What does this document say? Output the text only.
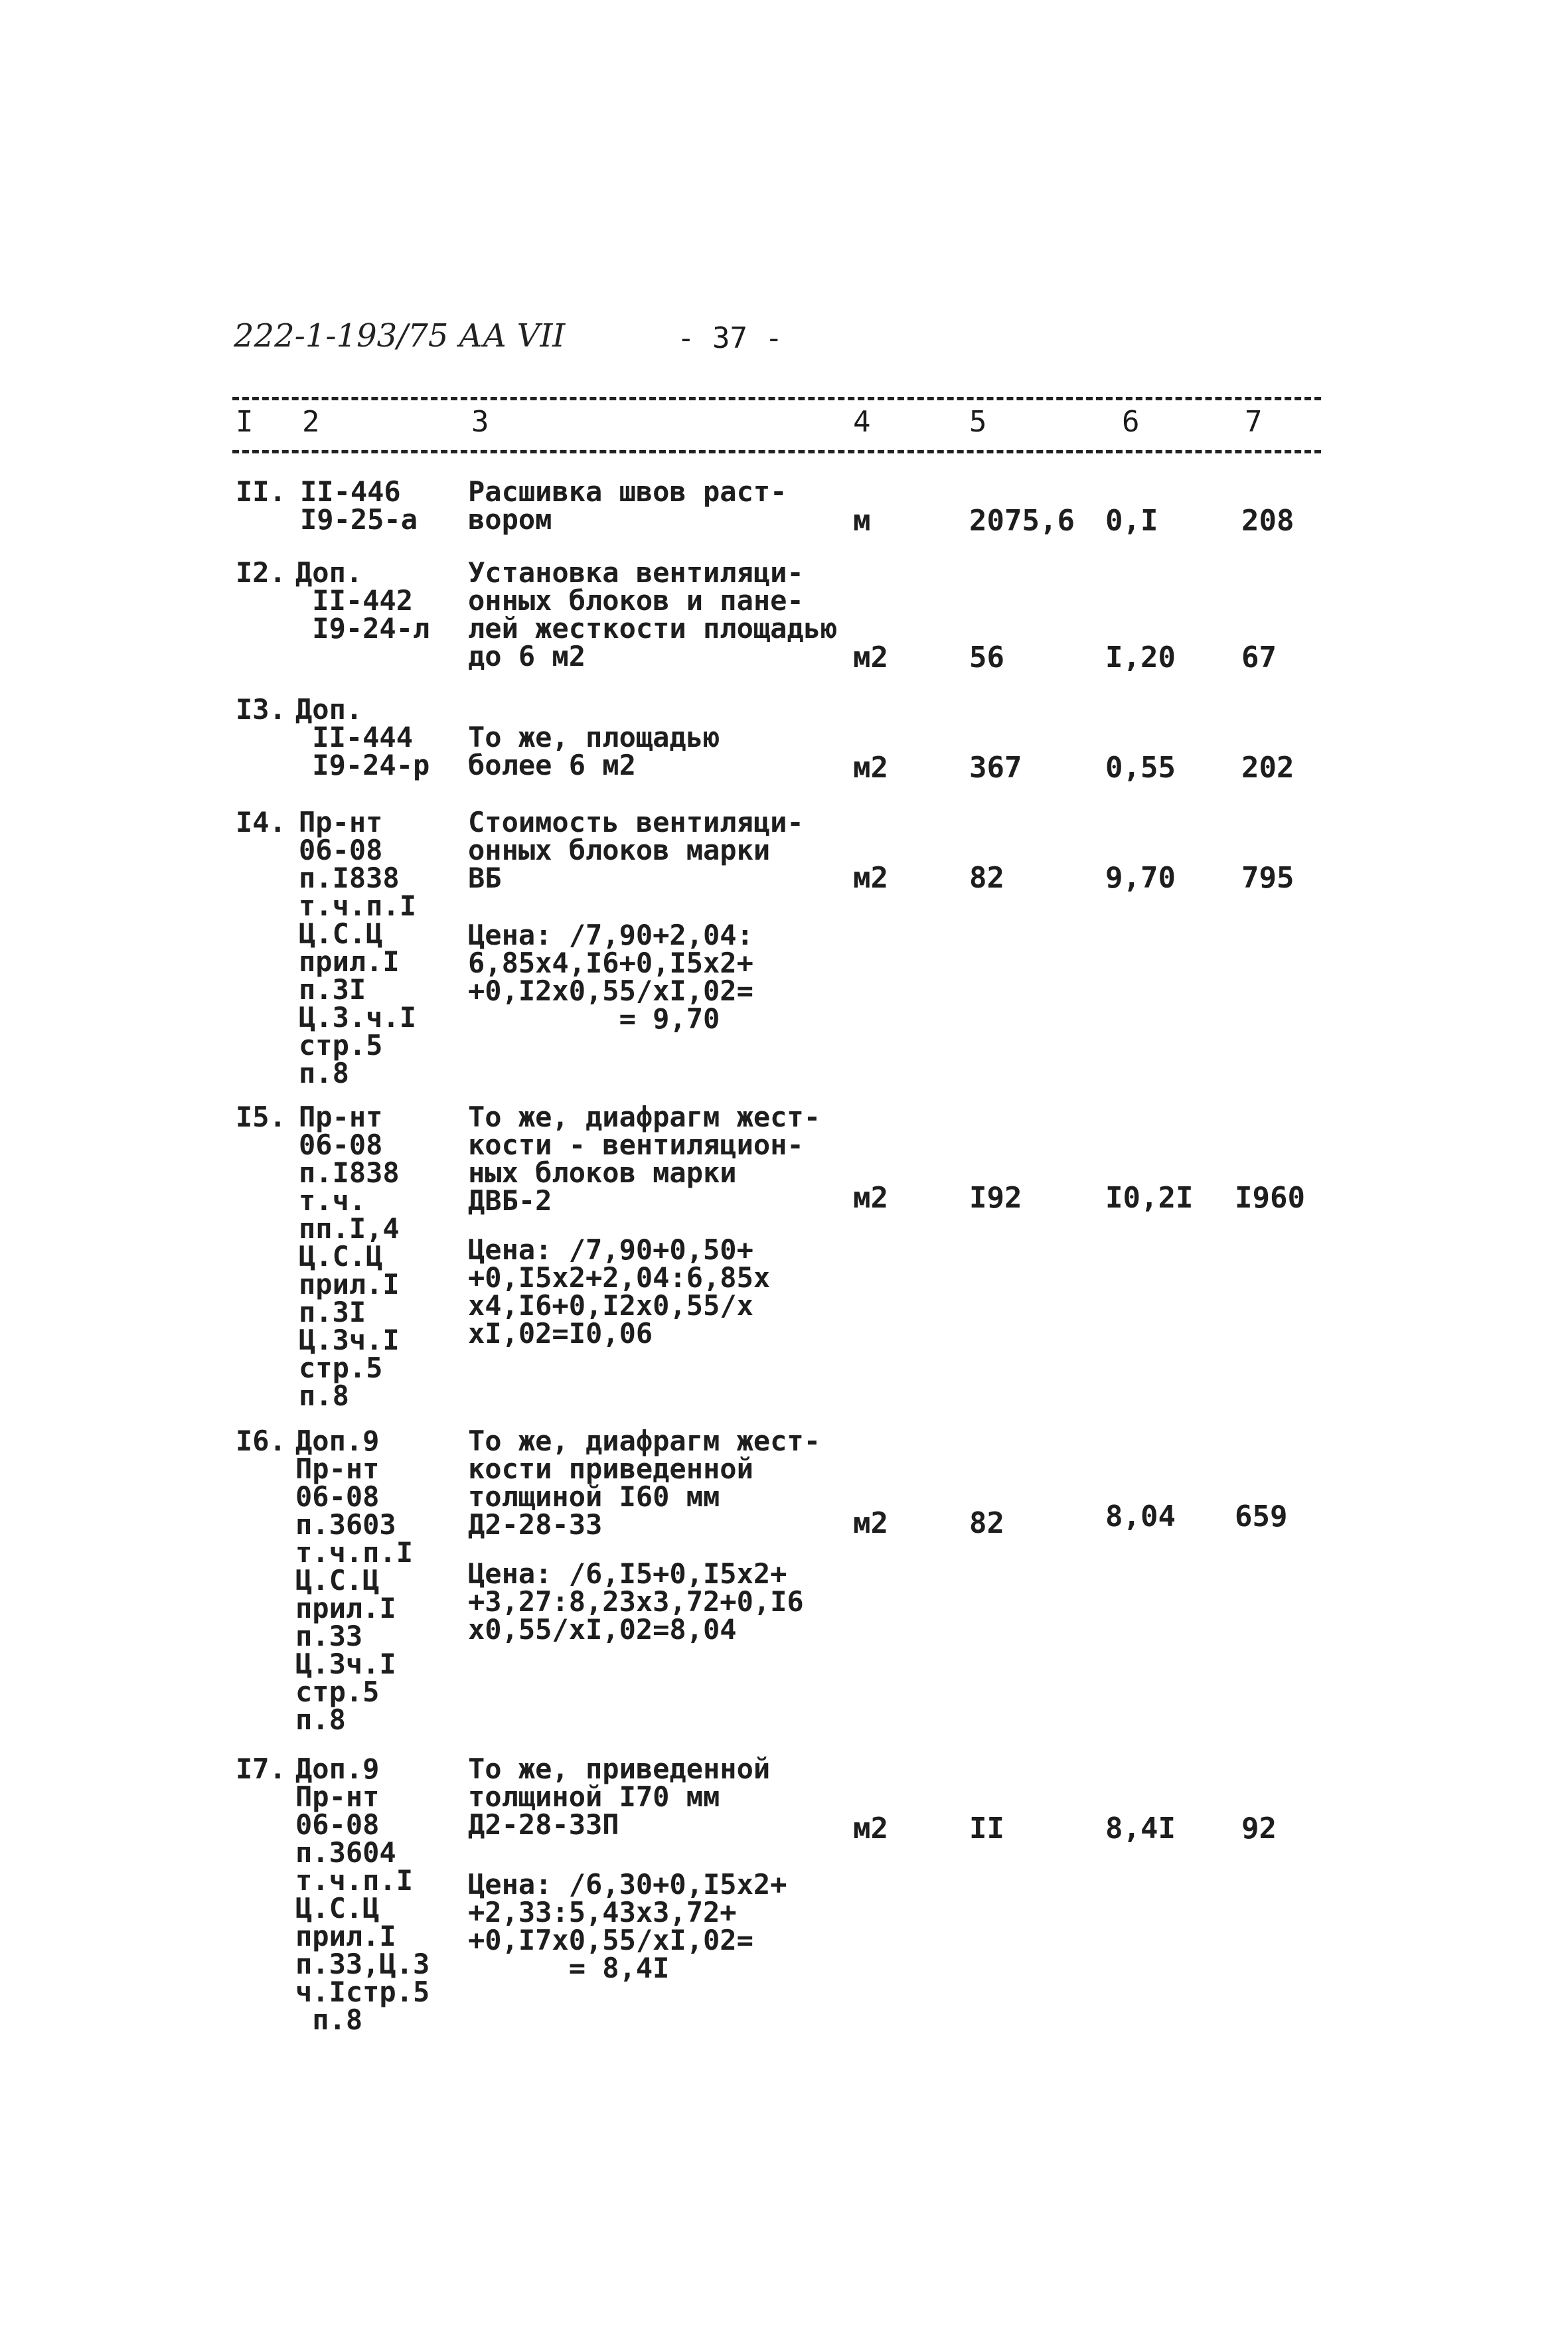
222-1-193/75 АА VII	- 37 -
I 2	3	4	5	6	7
II. II-446
I9-25-а
Расшивка швов раст-
вором	м	2075,6 0,I	208
I2. Доп.
II-442
I9-24-л
Установка вентиляци-
онных блоков и пане-
лей жесткости площадью
до 6 м2	м2	56	I,20 67
I3. Доп.
II-444
I9-24-р
То же, площадью
более 6 м2	м2	367	0,55 202
I4. Пр-нт
06-08
п.I838
т.ч.п.I
Ц.С.Ц
прил.I
п.3I
Ц.3.ч.I
стр.5
п.8
Стоимость вентиляци-
онных блоков марки
ВБ
Цена: /7,90+2,04:
6,85х4,I6+0,I5х2+
+0,I2х0,55/хI,02=
= 9,70
м2	82	9,70 795
I5. Пр-нт
06-08
п.I838
т.ч.
пп.I,4
Ц.С.Ц
прил.I
п.3I
Ц.3ч.I
стр.5
п.8
То же, диафрагм жест-
кости - вентиляцион-
ных блоков марки
ДВБ-2
Цена: /7,90+0,50+
+0,I5х2+2,04:6,85х
х4,I6+0,I2х0,55/х
хI,02=I0,06
м2	I92	I0,2I I960
I6. Доп.9
Пр-нт
06-08
п.3603
т.ч.п.I
Ц.С.Ц
прил.I
п.33
Ц.3ч.I
стр.5
п.8
То же, диафрагм жест-
кости приведенной
толщиной I60 мм
Д2-28-33
Цена: /6,I5+0,I5х2+
+3,27:8,23х3,72+0,I6
х0,55/хI,02=8,04
м2	82	8,04 659
I7. Доп.9
Пр-нт
06-08
п.3604
т.ч.п.I
Ц.С.Ц
прил.I
п.33,Ц.3
ч.Iстр.5
п.8
То же, приведенной
толщиной I70 мм
Д2-28-33П
Цена: /6,30+0,I5х2+
+2,33:5,43х3,72+
+0,I7х0,55/хI,02=
= 8,4I
м2	II	8,4I 92
